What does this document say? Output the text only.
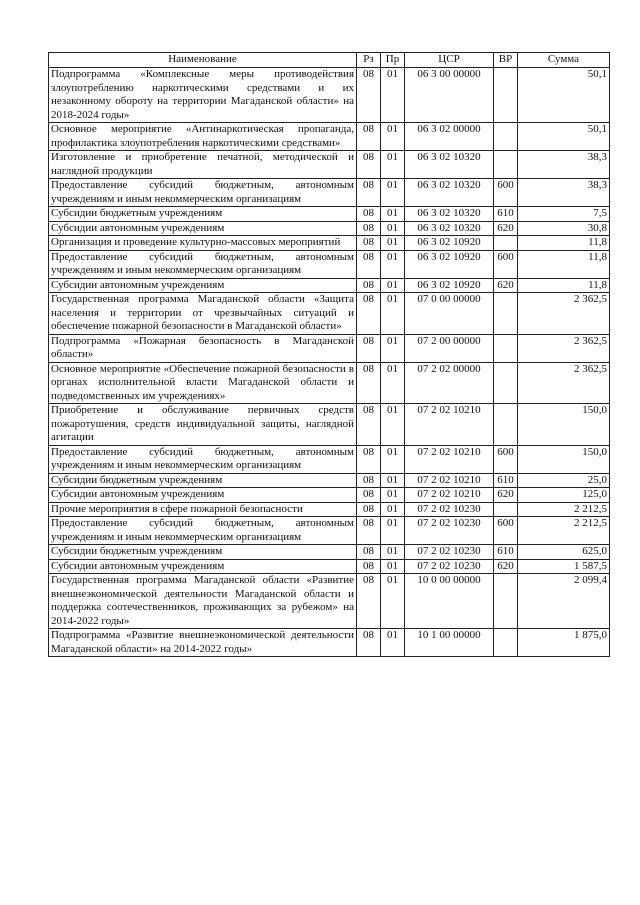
Наименование	Рз	Пр	ЦСР	ВР	Сумма
Подпрограмма «Комплексные меры противодействия злоупотреблению наркотическими средствами и их незаконному обороту на территории Магаданской области» на 2018-2024 годы»	08	01	06 3 00 00000		50,1
Основное мероприятие «Антинаркотическая пропаганда, профилактика злоупотребления наркотическими средствами»	08	01	06 3 02 00000		50,1
Изготовление и приобретение печатной, методической и наглядной продукции	08	01	06 3 02 10320		38,3
Предоставление субсидий бюджетным, автономным учреждениям и иным некоммерческим организациям	08	01	06 3 02 10320	600	38,3
Субсидии бюджетным учреждениям	08	01	06 3 02 10320	610	7,5
Субсидии автономным учреждениям	08	01	06 3 02 10320	620	30,8
Организация и проведение культурно-массовых мероприятий	08	01	06 3 02 10920		11,8
Предоставление субсидий бюджетным, автономным учреждениям и иным некоммерческим организациям	08	01	06 3 02 10920	600	11,8
Субсидии автономным учреждениям	08	01	06 3 02 10920	620	11,8
Государственная программа Магаданской области «Защита населения и территории от чрезвычайных ситуаций и обеспечение пожарной безопасности в Магаданской области»	08	01	07 0 00 00000		2 362,5
Подпрограмма «Пожарная безопасность в Магаданской области»	08	01	07 2 00 00000		2 362,5
Основное мероприятие «Обеспечение пожарной безопасности в органах исполнительной власти Магаданской области и подведомственных им учреждениях»	08	01	07 2 02 00000		2 362,5
Приобретение и обслуживание первичных средств пожаротушения, средств индивидуальной защиты, наглядной агитации	08	01	07 2 02 10210		150,0
Предоставление субсидий бюджетным, автономным учреждениям и иным некоммерческим организациям	08	01	07 2 02 10210	600	150,0
Субсидии бюджетным учреждениям	08	01	07 2 02 10210	610	25,0
Субсидии автономным учреждениям	08	01	07 2 02 10210	620	125,0
Прочие мероприятия в сфере пожарной безопасности	08	01	07 2 02 10230		2 212,5
Предоставление субсидий бюджетным, автономным учреждениям и иным некоммерческим организациям	08	01	07 2 02 10230	600	2 212,5
Субсидии бюджетным учреждениям	08	01	07 2 02 10230	610	625,0
Субсидии автономным учреждениям	08	01	07 2 02 10230	620	1 587,5
Государственная программа Магаданской области «Развитие внешнеэкономической деятельности Магаданской области и поддержка соотечественников, проживающих за рубежом» на 2014-2022 годы»	08	01	10 0 00 00000		2 099,4
Подпрограмма «Развитие внешнеэкономической деятельности Магаданской области» на 2014-2022 годы»	08	01	10 1 00 00000		1 875,0
